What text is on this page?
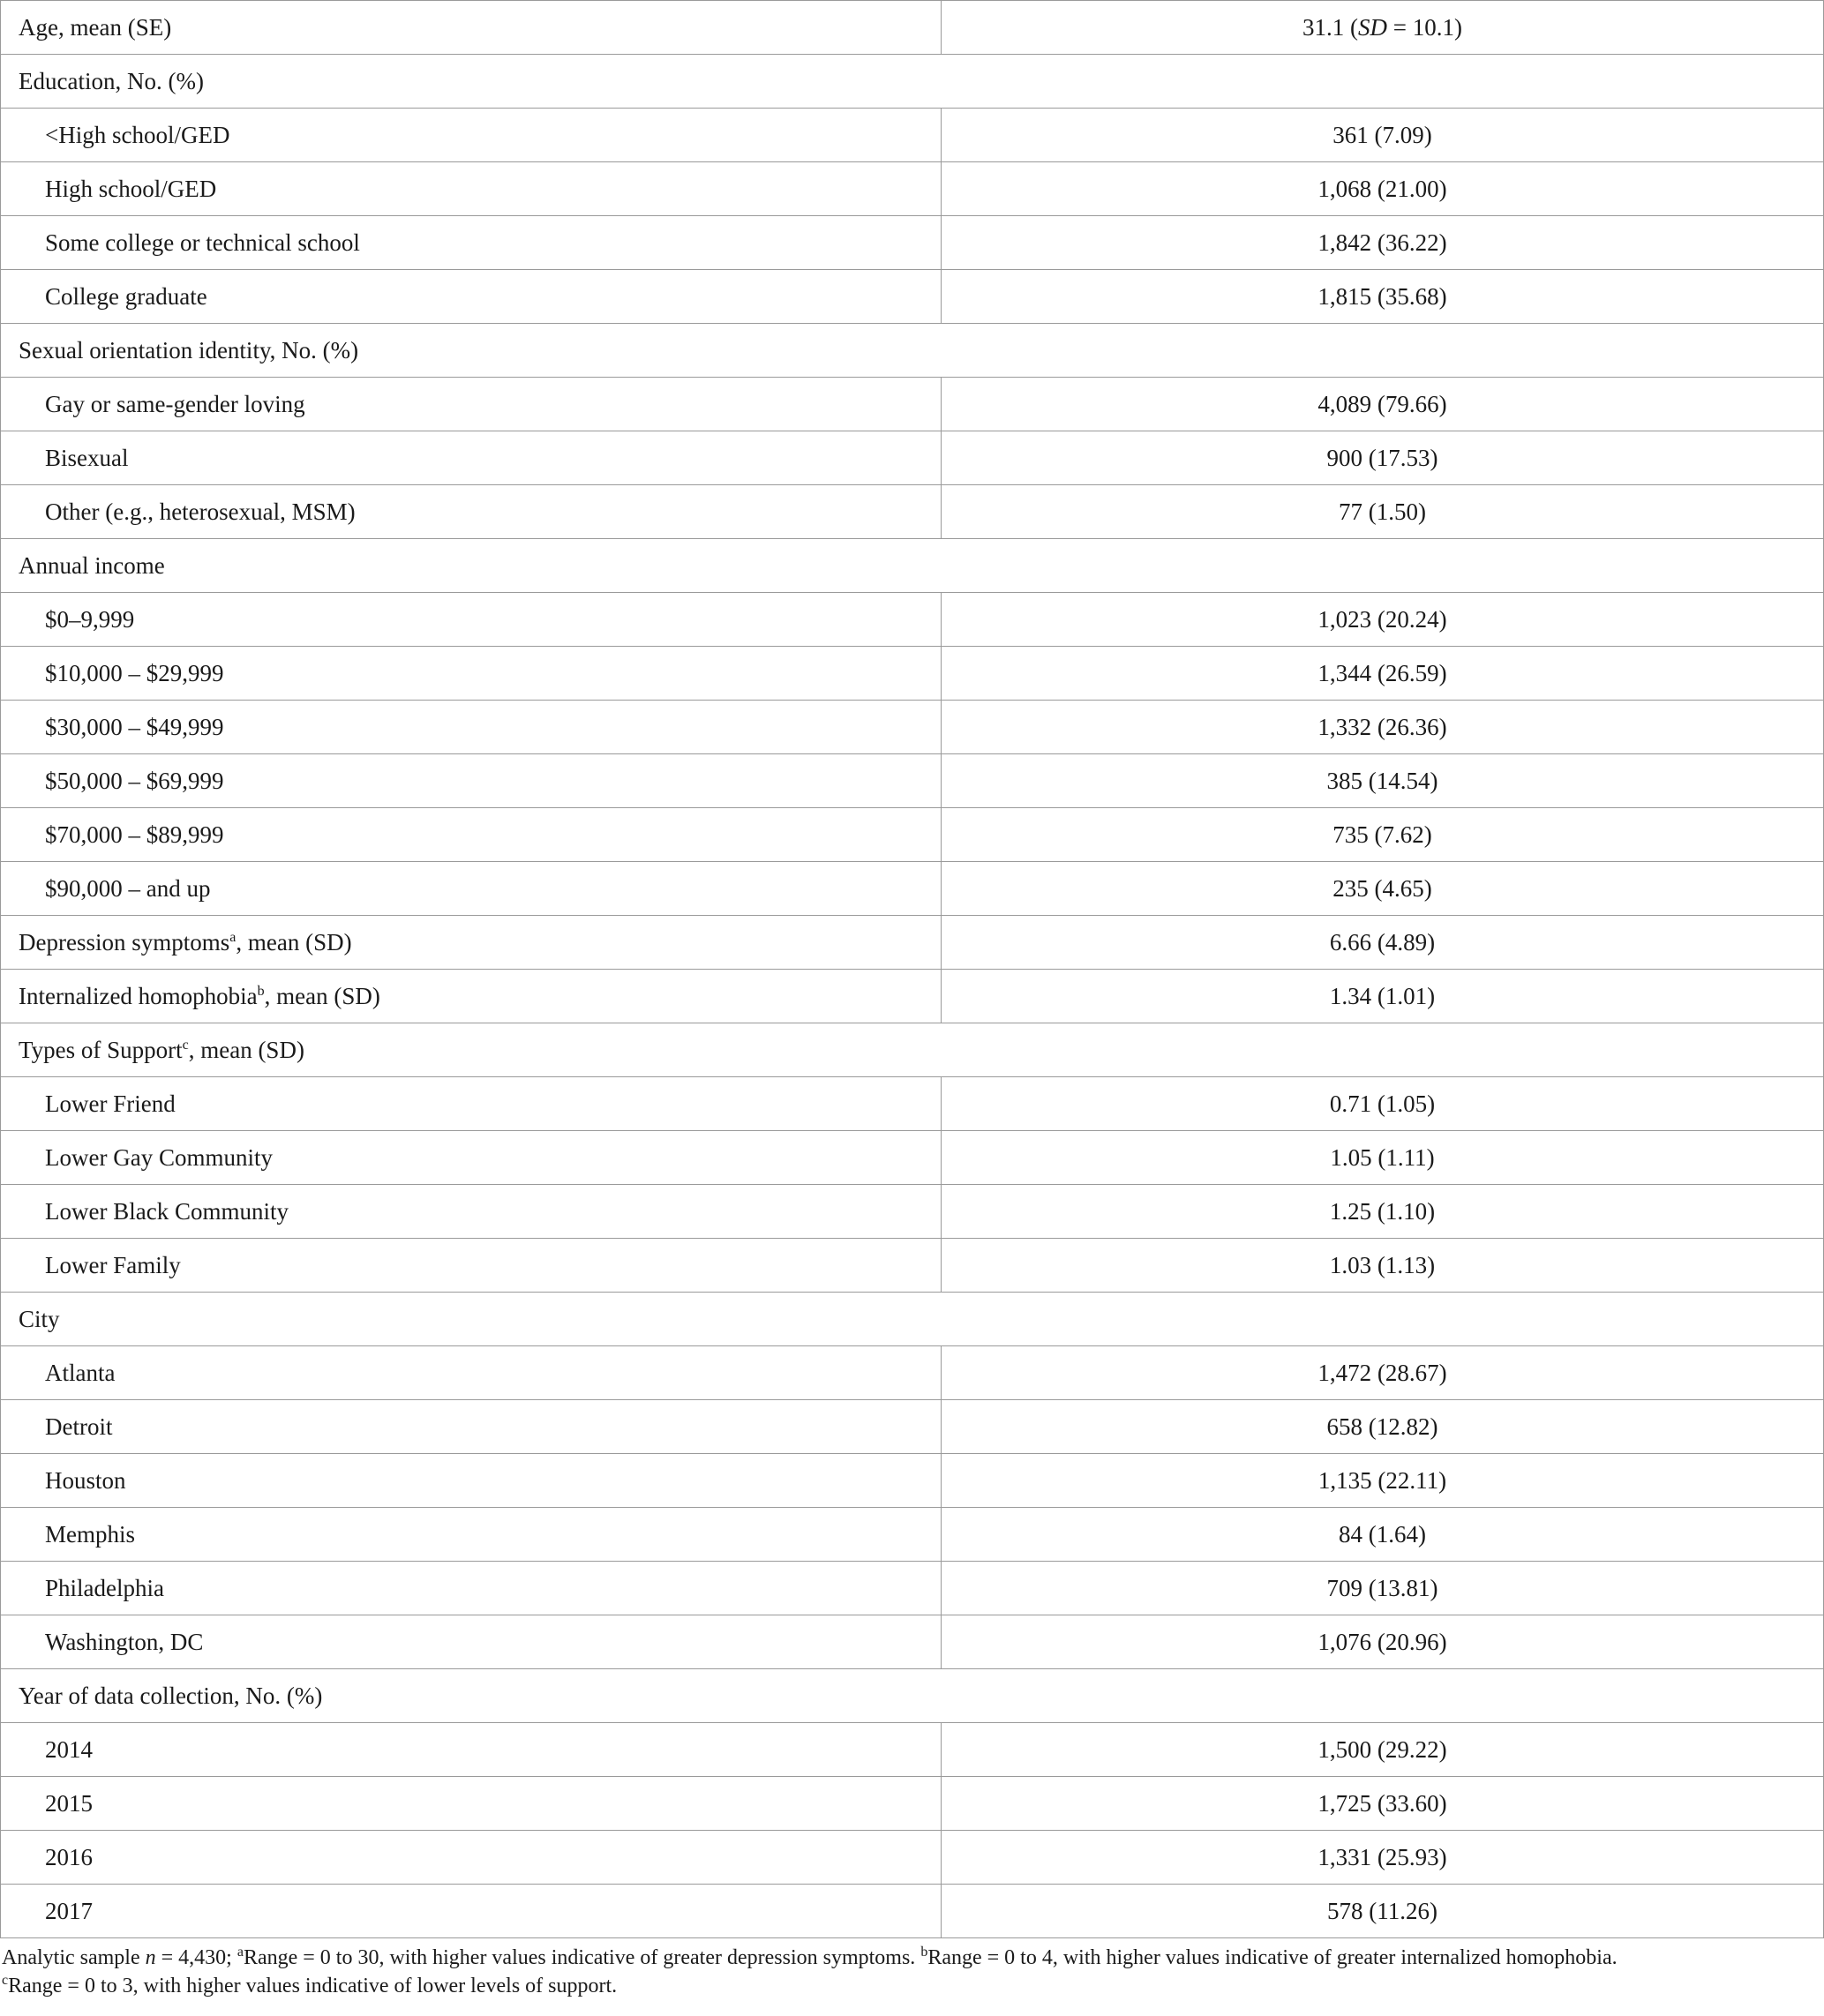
Age, mean (SE)	31.1 (SD = 10.1)
Education, No. (%)	
<High school/GED	361 (7.09)
High school/GED	1,068 (21.00)
Some college or technical school	1,842 (36.22)
College graduate	1,815 (35.68)
Sexual orientation identity, No. (%)	
Gay or same-gender loving	4,089 (79.66)
Bisexual	900 (17.53)
Other (e.g., heterosexual, MSM)	77 (1.50)
Annual income	
$0–9,999	1,023 (20.24)
$10,000 – $29,999	1,344 (26.59)
$30,000 – $49,999	1,332 (26.36)
$50,000 – $69,999	385 (14.54)
$70,000 – $89,999	735 (7.62)
$90,000 – and up	235 (4.65)
Depression symptoms$^a$, mean (SD)	6.66 (4.89)
Internalized homophobia$^b$, mean (SD)	1.34 (1.01)
Types of Support$^c$, mean (SD)	
Lower Friend	0.71 (1.05)
Lower Gay Community	1.05 (1.11)
Lower Black Community	1.25 (1.10)
Lower Family	1.03 (1.13)
City	
Atlanta	1,472 (28.67)
Detroit	658 (12.82)
Houston	1,135 (22.11)
Memphis	84 (1.64)
Philadelphia	709 (13.81)
Washington, DC	1,076 (20.96)
Year of data collection, No. (%)	
2014	1,500 (29.22)
2015	1,725 (33.60)
2016	1,331 (25.93)
2017	578 (11.26)
Analytic sample n = 4,430; $^a$Range = 0 to 30, with higher values indicative of greater depression symptoms. $^b$Range = 0 to 4, with higher values indicative of greater internalized homophobia.
$^c$Range = 0 to 3, with higher values indicative of lower levels of support.
